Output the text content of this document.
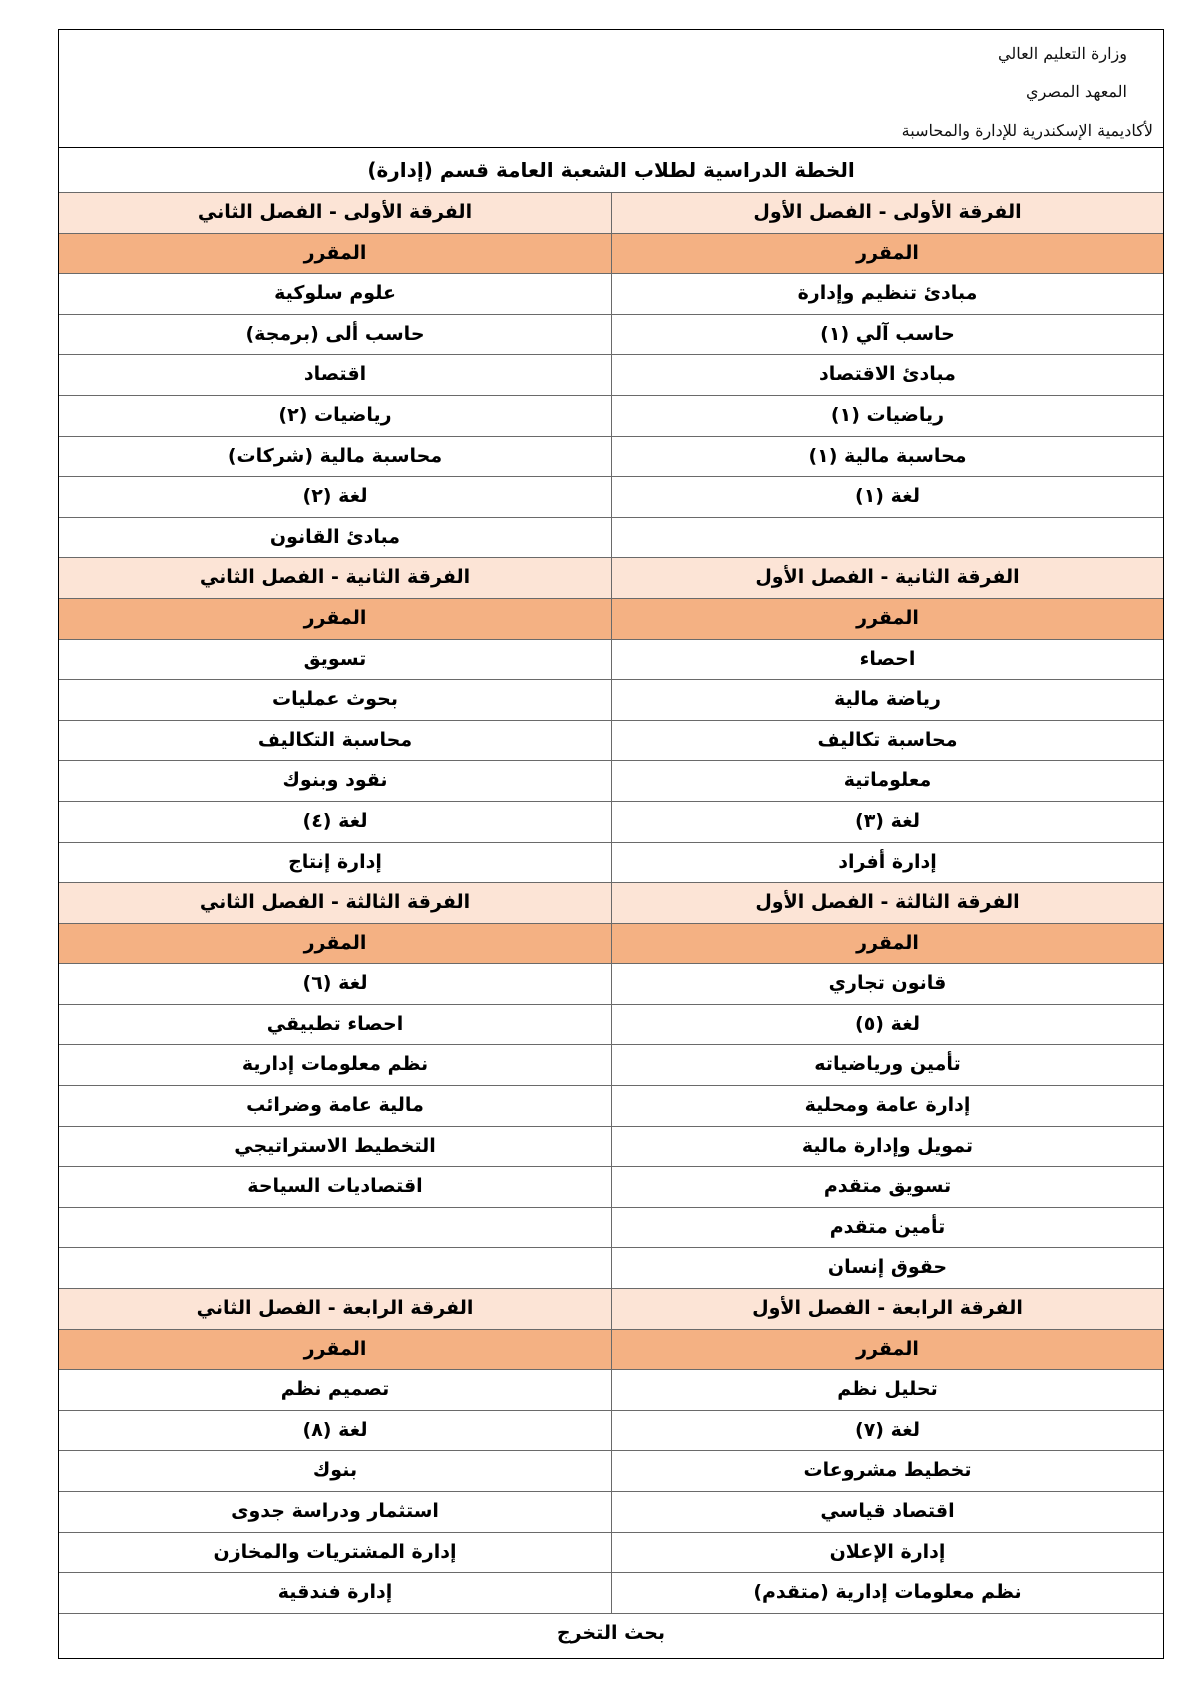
وزارة التعليم العالي
المعهد المصري
لأكاديمية الإسكندرية للإدارة والمحاسبة
الخطة الدراسية لطلاب الشعبة العامة قسم (إدارة)
الفرقة الأولى - الفصل الأول
الفرقة الأولى - الفصل الثاني
المقرر
المقرر
مبادئ تنظيم وإدارة
علوم سلوكية
حاسب آلي (١)
حاسب ألى (برمجة)
مبادئ الاقتصاد
اقتصاد
رياضيات (١)
رياضيات (٢)
محاسبة مالية (١)
محاسبة مالية (شركات)
لغة (١)
لغة (٢)
مبادئ القانون
الفرقة الثانية - الفصل الأول
الفرقة الثانية - الفصل الثاني
المقرر
المقرر
احصاء
تسويق
رياضة مالية
بحوث عمليات
محاسبة تكاليف
محاسبة التكاليف
معلوماتية
نقود وبنوك
لغة (٣)
لغة (٤)
إدارة أفراد
إدارة إنتاج
الفرقة الثالثة - الفصل الأول
الفرقة الثالثة - الفصل الثاني
المقرر
المقرر
قانون تجاري
لغة (٦)
لغة (٥)
احصاء تطبيقي
تأمين ورياضياته
نظم معلومات إدارية
إدارة عامة ومحلية
مالية عامة وضرائب
تمويل وإدارة مالية
التخطيط الاستراتيجي
تسويق متقدم
اقتصاديات السياحة
تأمين متقدم
حقوق إنسان
الفرقة الرابعة - الفصل الأول
الفرقة الرابعة - الفصل الثاني
المقرر
المقرر
تحليل نظم
تصميم نظم
لغة (٧)
لغة (٨)
تخطيط مشروعات
بنوك
اقتصاد قياسي
استثمار ودراسة جدوى
إدارة الإعلان
إدارة المشتريات والمخازن
نظم معلومات إدارية (متقدم)
إدارة فندقية
بحث التخرج
